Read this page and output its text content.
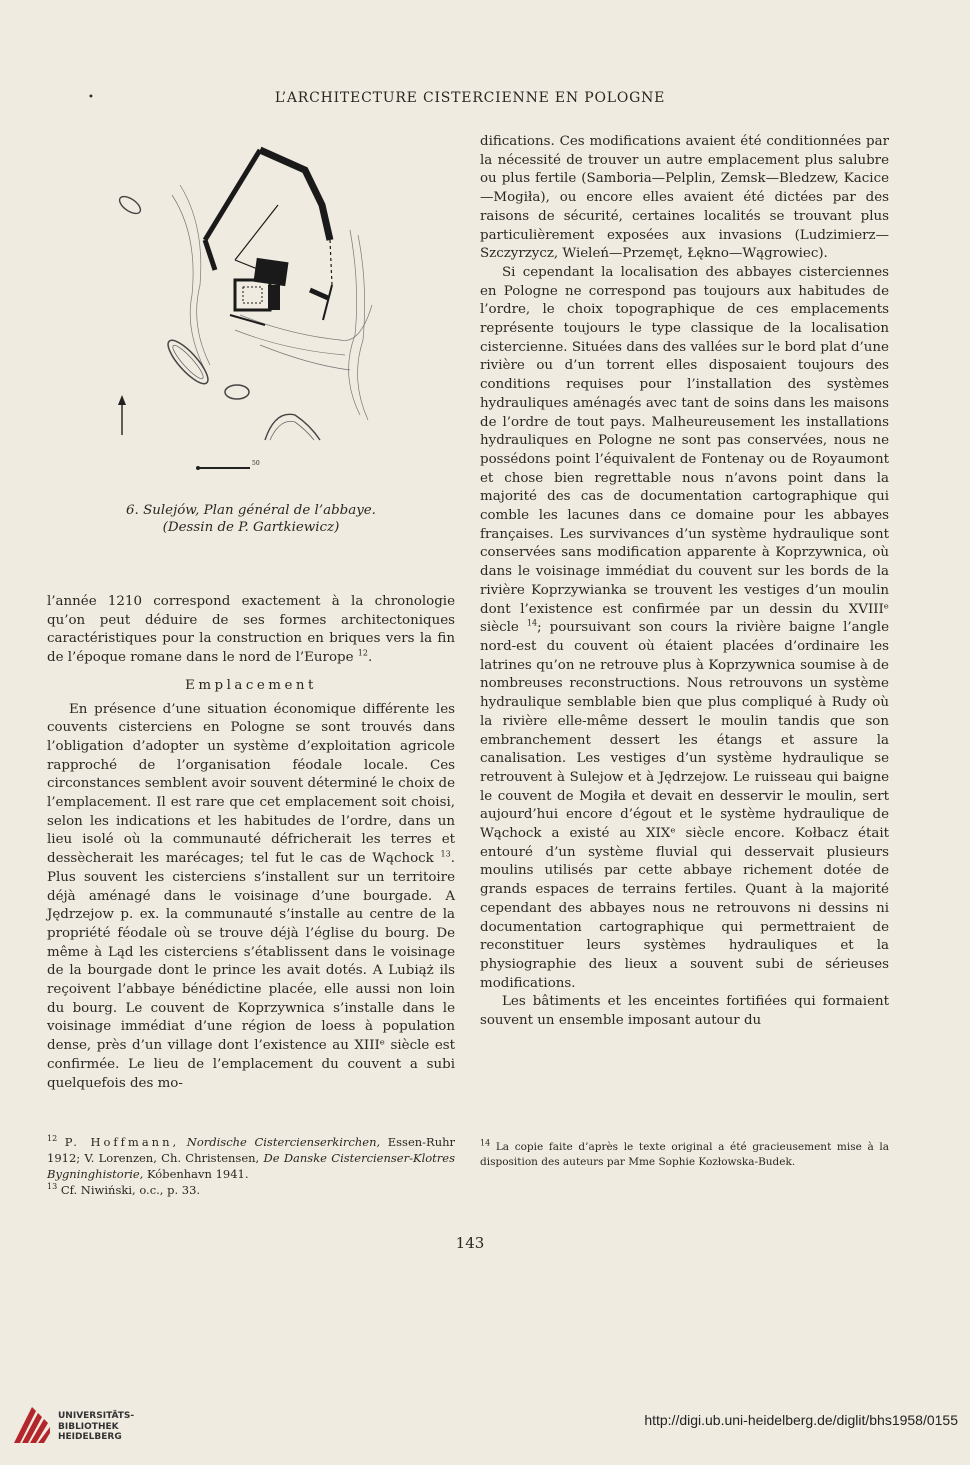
•	L’ARCHITECTURE CISTERCIENNE EN POLOGNE
50
6. Sulejów, Plan général de l’abbaye.
(Dessin de P. Gartkiewicz)

l’année 1210 correspond exactement à la chronologie qu’on peut déduire de ses formes architectoniques caractéristiques pour la construction en briques vers la fin de l’époque romane dans le nord de l’Europe $^{12}$.

Emplacement

En présence d’une situation économique différente les couvents cisterciens en Pologne se sont trouvés dans l’obligation d’adopter un système d’exploitation agricole rapproché de l’organisation féodale locale. Ces circonstances semblent avoir souvent déterminé le choix de l’emplacement. Il est rare que cet emplacement soit choisi, selon les indications et les habitudes de l’ordre, dans un lieu isolé où la communauté défricherait les terres et dessècherait les marécages; tel fut le cas de Wąchock $^{13}$. Plus souvent les cisterciens s’installent sur un territoire déjà aménagé dans le voisinage d’une bourgade. A Jędrzejow p. ex. la communauté s’installe au centre de la propriété féodale où se trouve déjà l’église du bourg. De même à Ląd les cisterciens s’établissent dans le voisinage de la bourgade dont le prince les avait dotés. A Lubiąż ils reçoivent l’abbaye bénédictine placée, elle aussi non loin du bourg. Le couvent de Koprzywnica s’installe dans le voisinage immédiat d’une région de loess à population dense, près d’un village dont l’existence au XIIIᵉ siècle est confirmée. Le lieu de l’emplacement du couvent a subi quelquefois des mo-

difications. Ces modifications avaient été conditionnées par la nécessité de trouver un autre emplacement plus salubre ou plus fertile (Samboria—Pelplin, Zemsk—Bledzew, Kacice—Mogiła), ou encore elles avaient été dictées par des raisons de sécurité, certaines localités se trouvant plus particulièrement exposées aux invasions (Ludzimierz—Szczyrzycz, Wieleń—Przemęt, Łękno—Wągrowiec).

Si cependant la localisation des abbayes cisterciennes en Pologne ne correspond pas toujours aux habitudes de l’ordre, le choix topographique de ces emplacements représente toujours le type classique de la localisation cistercienne. Situées dans des vallées sur le bord plat d’une rivière ou d’un torrent elles disposaient toujours des conditions requises pour l’installation des systèmes hydrauliques aménagés avec tant de soins dans les maisons de l’ordre de tout pays. Malheureusement les installations hydrauliques en Pologne ne sont pas conservées, nous ne possédons point l’équivalent de Fontenay ou de Royaumont et chose bien regrettable nous n’avons point dans la majorité des cas de documentation cartographique qui comble les lacunes dans ce domaine pour les abbayes françaises. Les survivances d’un système hydraulique sont conservées sans modification apparente à Koprzywnica, où dans le voisinage immédiat du couvent sur les bords de la rivière Koprzywianka se trouvent les vestiges d’un moulin dont l’existence est confirmée par un dessin du XVIIIᵉ siècle $^{14}$; poursuivant son cours la rivière baigne l’angle nord-est du couvent où étaient placées d’ordinaire les latrines qu’on ne retrouve plus à Koprzywnica soumise à de nombreuses reconstructions. Nous retrouvons un système hydraulique semblable bien que plus compliqué à Rudy où la rivière elle-même dessert le moulin tandis que son embranchement dessert les étangs et assure la canalisation. Les vestiges d’un système hydraulique se retrouvent à Sulejow et à Jędrzejow. Le ruisseau qui baigne le couvent de Mogiła et devait en desservir le moulin, sert aujourd’hui encore d’égout et le système hydraulique de Wąchock a existé au XIXᵉ siècle encore. Kołbacz était entouré d’un système fluvial qui desservait plusieurs moulins utilisés par cette abbaye richement dotée de grands espaces de terrains fertiles. Quant à la majorité cependant des abbayes nous ne retrouvons ni dessins ni documentation cartographique qui permettraient de reconstituer leurs systèmes hydrauliques et la physiographie des lieux a souvent subi de sérieuses modifications.

Les bâtiments et les enceintes fortifiées qui formaient souvent un ensemble imposant autour du

$^{12}$ P. Hoffmann, Nordische Cistercienserkirchen, Essen-Ruhr 1912; V. Lorenzen, Ch. Christensen, De Danske Cistercienser-Klotres Bygninghistorie, Kóbenhavn 1941.

$^{13}$ Cf. Niwiński, o.c., p. 33.

$^{14}$ La copie faite d’après le texte original a été gracieusement mise à la disposition des auteurs par Mme Sophie Kozłowska-Budek.

143
UNIVERSITÄTS-
BIBLIOTHEK
HEIDELBERG
http://digi.ub.uni-heidelberg.de/diglit/bhs1958/0155
